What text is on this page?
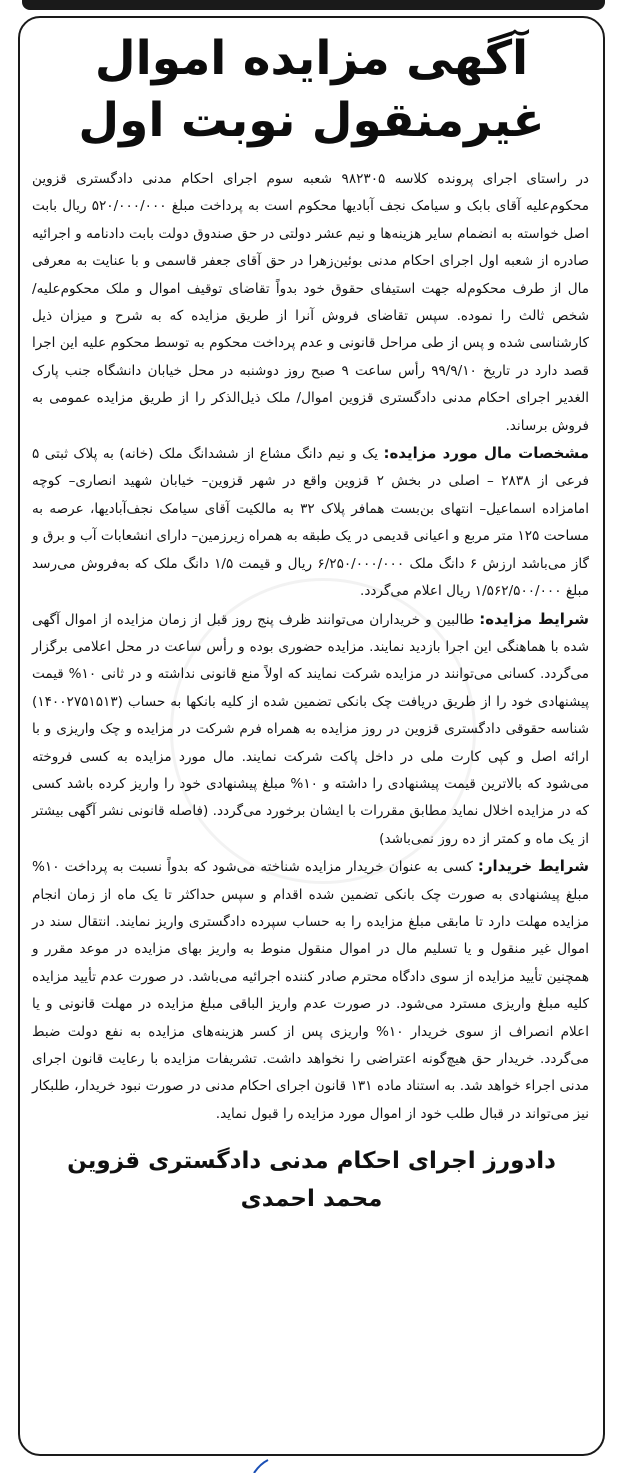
آگهی مزایده اموال
غیرمنقول نوبت اول

در راستای اجرای پرونده کلاسه ۹۸۲۳۰۵ شعبه سوم اجرای احکام مدنی دادگستری قزوین محکوم‌علیه آقای بابک و سیامک نجف آبادیها محکوم است به پرداخت مبلغ ۵۲۰/۰۰۰/۰۰۰ ریال بابت اصل خواسته به انضمام سایر هزینه‌ها و نیم عشر دولتی در حق صندوق دولت بابت دادنامه و اجرائیه صادره از شعبه اول اجرای احکام مدنی بوئین‌زهرا در حق آقای جعفر قاسمی و با عنایت به معرفی مال از طرف محکوم‌له جهت استیفای حقوق خود بدواً تقاضای توقیف اموال و ملک محکوم‌علیه/ شخص ثالث را نموده. سپس تقاضای فروش آنرا از طریق مزایده که به شرح و میزان ذیل کارشناسی شده و پس از طی مراحل قانونی و عدم پرداخت محکوم به توسط محکوم علیه این اجرا قصد دارد در تاریخ ۹۹/۹/۱۰ رأس ساعت ۹ صبح روز دوشنبه در محل خیابان دانشگاه جنب پارک الغدیر اجرای احکام مدنی دادگستری قزوین اموال/ ملک ذیل‌الذکر را از طریق مزایده عمومی به فروش برساند.

مشخصات مال مورد مزایده: یک و نیم دانگ مشاع از ششدانگ ملک (خانه) به پلاک ثبتی ۵ فرعی از ۲۸۳۸ – اصلی در بخش ۲ قزوین واقع در شهر قزوین– خیابان شهید انصاری– کوچه امامزاده اسماعیل– انتهای بن‌بست همافر پلاک ۳۲ به مالکیت آقای سیامک نجف‌آبادیها، عرصه به مساحت ۱۲۵ متر مربع و اعیانی قدیمی در یک طبقه به همراه زیرزمین– دارای انشعابات آب و برق و گاز می‌باشد ارزش ۶ دانگ ملک ۶/۲۵۰/۰۰۰/۰۰۰ ریال و قیمت ۱/۵ دانگ ملک که به‌فروش می‌رسد مبلغ ۱/۵۶۲/۵۰۰/۰۰۰ ریال اعلام می‌گردد.

شرایط مزایده: طالبین و خریداران می‌توانند ظرف پنج روز قبل از زمان مزایده از اموال آگهی شده با هماهنگی این اجرا بازدید نمایند. مزایده حضوری بوده و رأس ساعت در محل اعلامی برگزار می‌گردد. کسانی می‌توانند در مزایده شرکت نمایند که اولاً منع قانونی نداشته و در ثانی ۱۰% قیمت پیشنهادی خود را از طریق دریافت چک بانکی تضمین شده از کلیه بانکها به حساب (۱۴۰۰۲۷۵۱۵۱۳) شناسه حقوقی دادگستری قزوین در روز مزایده به همراه فرم شرکت در مزایده و چک واریزی و با ارائه اصل و کپی کارت ملی در داخل پاکت شرکت نمایند. مال مورد مزایده به کسی فروخته می‌شود که بالاترین قیمت پیشنهادی را داشته و ۱۰% مبلغ پیشنهادی خود را واریز کرده باشد کسی که در مزایده اخلال نماید مطابق مقررات با ایشان برخورد می‌گردد. (فاصله قانونی نشر آگهی بیشتر از یک ماه و کمتر از ده روز نمی‌باشد)

شرایط خریدار: کسی به عنوان خریدار مزایده شناخته می‌شود که بدواً نسبت به پرداخت ۱۰% مبلغ پیشنهادی به صورت چک بانکی تضمین شده اقدام و سپس حداکثر تا یک ماه از زمان انجام مزایده مهلت دارد تا مابقی مبلغ مزایده را به حساب سپرده دادگستری واریز نمایند. انتقال سند در اموال غیر منقول و یا تسلیم مال در اموال منقول منوط به واریز بهای مزایده در موعد مقرر و همچنین تأیید مزایده از سوی دادگاه محترم صادر کننده اجرائیه می‌باشد. در صورت عدم تأیید مزایده کلیه مبلغ واریزی مسترد می‌شود. در صورت عدم واریز الباقی مبلغ مزایده در مهلت قانونی و یا اعلام انصراف از سوی خریدار ۱۰% واریزی پس از کسر هزینه‌های مزایده به نفع دولت ضبط می‌گردد. خریدار حق هیچ‌گونه اعتراضی را نخواهد داشت. تشریفات مزایده با رعایت قانون اجرای مدنی اجراء خواهد شد. به استناد ماده ۱۳۱ قانون اجرای احکام مدنی در صورت نبود خریدار، طلبکار نیز می‌تواند در قبال طلب خود از اموال مورد مزایده را قبول نماید.

دادورز اجرای احکام مدنی دادگستری قزوین
محمد احمدی
